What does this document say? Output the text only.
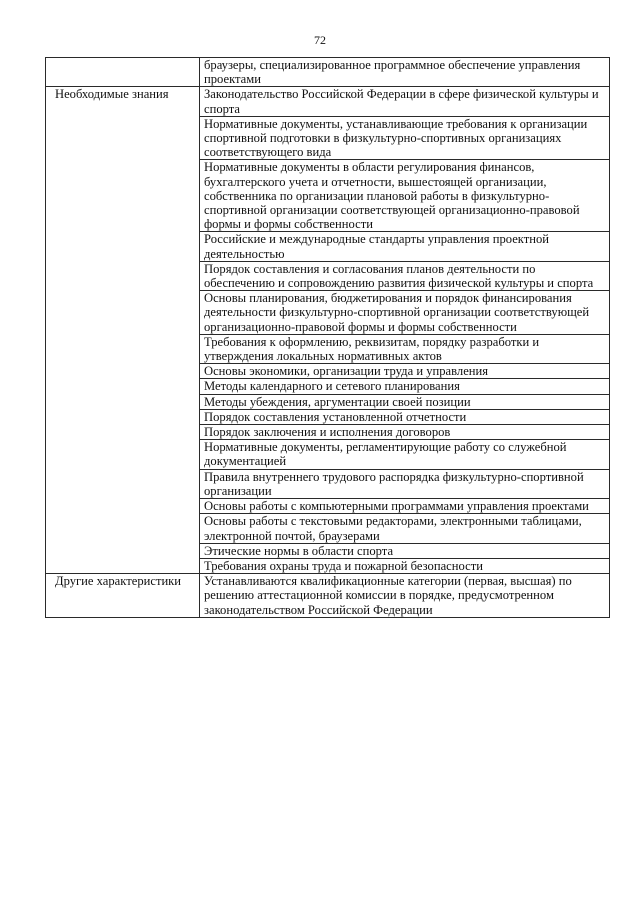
72
	браузеры, специализированное программное обеспечение управления проектами
Необходимые знания	Законодательство Российской Федерации в сфере физической культуры и спорта
	Нормативные документы, устанавливающие требования к организации спортивной подготовки в физкультурно-спортивных организациях соответствующего вида
	Нормативные документы в области регулирования финансов, бухгалтерского учета и отчетности, вышестоящей организации, собственника по организации плановой работы в физкультурно-спортивной организации соответствующей организационно-правовой формы и формы собственности
	Российские и международные стандарты управления проектной деятельностью
	Порядок составления и согласования планов деятельности по обеспечению и сопровождению развития физической культуры и спорта
	Основы планирования, бюджетирования и порядок финансирования деятельности физкультурно-спортивной организации соответствующей организационно-правовой формы и формы собственности
	Требования к оформлению, реквизитам, порядку разработки и утверждения локальных нормативных актов
	Основы экономики, организации труда и управления
	Методы календарного и сетевого планирования
	Методы убеждения, аргументации своей позиции
	Порядок составления установленной отчетности
	Порядок заключения и исполнения договоров
	Нормативные документы, регламентирующие работу со служебной документацией
	Правила внутреннего трудового распорядка физкультурно-спортивной организации
	Основы работы с компьютерными программами управления проектами
	Основы работы с текстовыми редакторами, электронными таблицами, электронной почтой, браузерами
	Этические нормы в области спорта
	Требования охраны труда и пожарной безопасности
Другие характеристики	Устанавливаются квалификационные категории (первая, высшая) по решению аттестационной комиссии в порядке, предусмотренном законодательством Российской Федерации
